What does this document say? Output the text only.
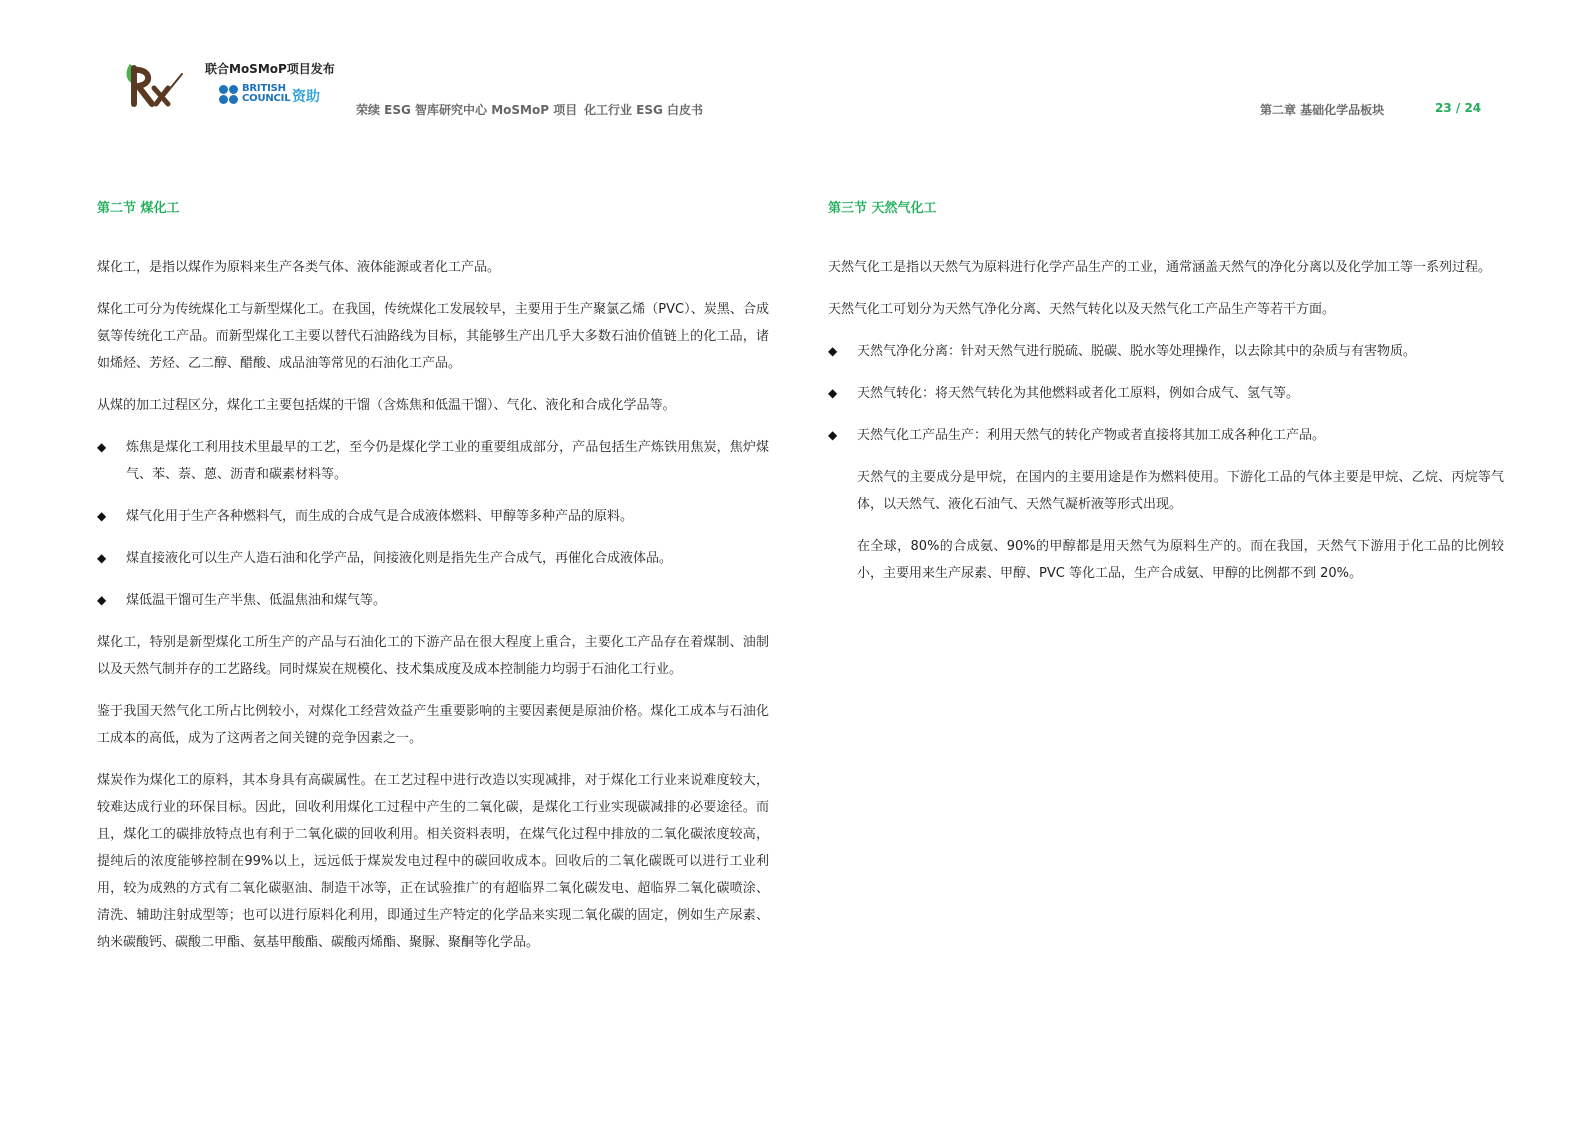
联合MoSMoP项目发布
BRITISH
COUNCIL 资助
荣续 ESG 智库研究中心 MoSMoP 项目 化工行业 ESG 白皮书	第二章 基础化学品板块	23 / 24
第二节 煤化工

煤化工，是指以煤作为原料来生产各类气体、液体能源或者化工产品。

煤化工可分为传统煤化工与新型煤化工。在我国，传统煤化工发展较早，主要用于生产聚氯乙烯（PVC）、炭黑、合成氨等传统化工产品。而新型煤化工主要以替代石油路线为目标，其能够生产出几乎大多数石油价值链上的化工品，诸如烯烃、芳烃、乙二醇、醋酸、成品油等常见的石油化工产品。

从煤的加工过程区分，煤化工主要包括煤的干馏（含炼焦和低温干馏）、气化、液化和合成化学品等。

◆ 炼焦是煤化工利用技术里最早的工艺，至今仍是煤化学工业的重要组成部分，产品包括生产炼铁用焦炭，焦炉煤气、苯、萘、蒽、沥青和碳素材料等。
◆ 煤气化用于生产各种燃料气，而生成的合成气是合成液体燃料、甲醇等多种产品的原料。
◆ 煤直接液化可以生产人造石油和化学产品，间接液化则是指先生产合成气，再催化合成液体品。
◆ 煤低温干馏可生产半焦、低温焦油和煤气等。

煤化工，特别是新型煤化工所生产的产品与石油化工的下游产品在很大程度上重合，主要化工产品存在着煤制、油制以及天然气制并存的工艺路线。同时煤炭在规模化、技术集成度及成本控制能力均弱于石油化工行业。

鉴于我国天然气化工所占比例较小，对煤化工经营效益产生重要影响的主要因素便是原油价格。煤化工成本与石油化工成本的高低，成为了这两者之间关键的竞争因素之一。

煤炭作为煤化工的原料，其本身具有高碳属性。在工艺过程中进行改造以实现减排，对于煤化工行业来说难度较大，较难达成行业的环保目标。因此，回收利用煤化工过程中产生的二氧化碳，是煤化工行业实现碳减排的必要途径。而且，煤化工的碳排放特点也有利于二氧化碳的回收利用。相关资料表明，在煤气化过程中排放的二氧化碳浓度较高，提纯后的浓度能够控制在99%以上，远远低于煤炭发电过程中的碳回收成本。回收后的二氧化碳既可以进行工业利用，较为成熟的方式有二氧化碳驱油、制造干冰等，正在试验推广的有超临界二氧化碳发电、超临界二氧化碳喷涂、清洗、辅助注射成型等；也可以进行原料化利用，即通过生产特定的化学品来实现二氧化碳的固定，例如生产尿素、纳米碳酸钙、碳酸二甲酯、氨基甲酸酯、碳酸丙烯酯、聚脲、聚酮等化学品。

第三节 天然气化工

天然气化工是指以天然气为原料进行化学产品生产的工业，通常涵盖天然气的净化分离以及化学加工等一系列过程。

天然气化工可划分为天然气净化分离、天然气转化以及天然气化工产品生产等若干方面。

◆ 天然气净化分离：针对天然气进行脱硫、脱碳、脱水等处理操作，以去除其中的杂质与有害物质。
◆ 天然气转化：将天然气转化为其他燃料或者化工原料，例如合成气、氢气等。
◆ 天然气化工产品生产：利用天然气的转化产物或者直接将其加工成各种化工产品。

天然气的主要成分是甲烷，在国内的主要用途是作为燃料使用。下游化工品的气体主要是甲烷、乙烷、丙烷等气体，以天然气、液化石油气、天然气凝析液等形式出现。

在全球，80%的合成氨、90%的甲醇都是用天然气为原料生产的。而在我国，天然气下游用于化工品的比例较小，主要用来生产尿素、甲醇、PVC 等化工品，生产合成氨、甲醇的比例都不到 20%。
